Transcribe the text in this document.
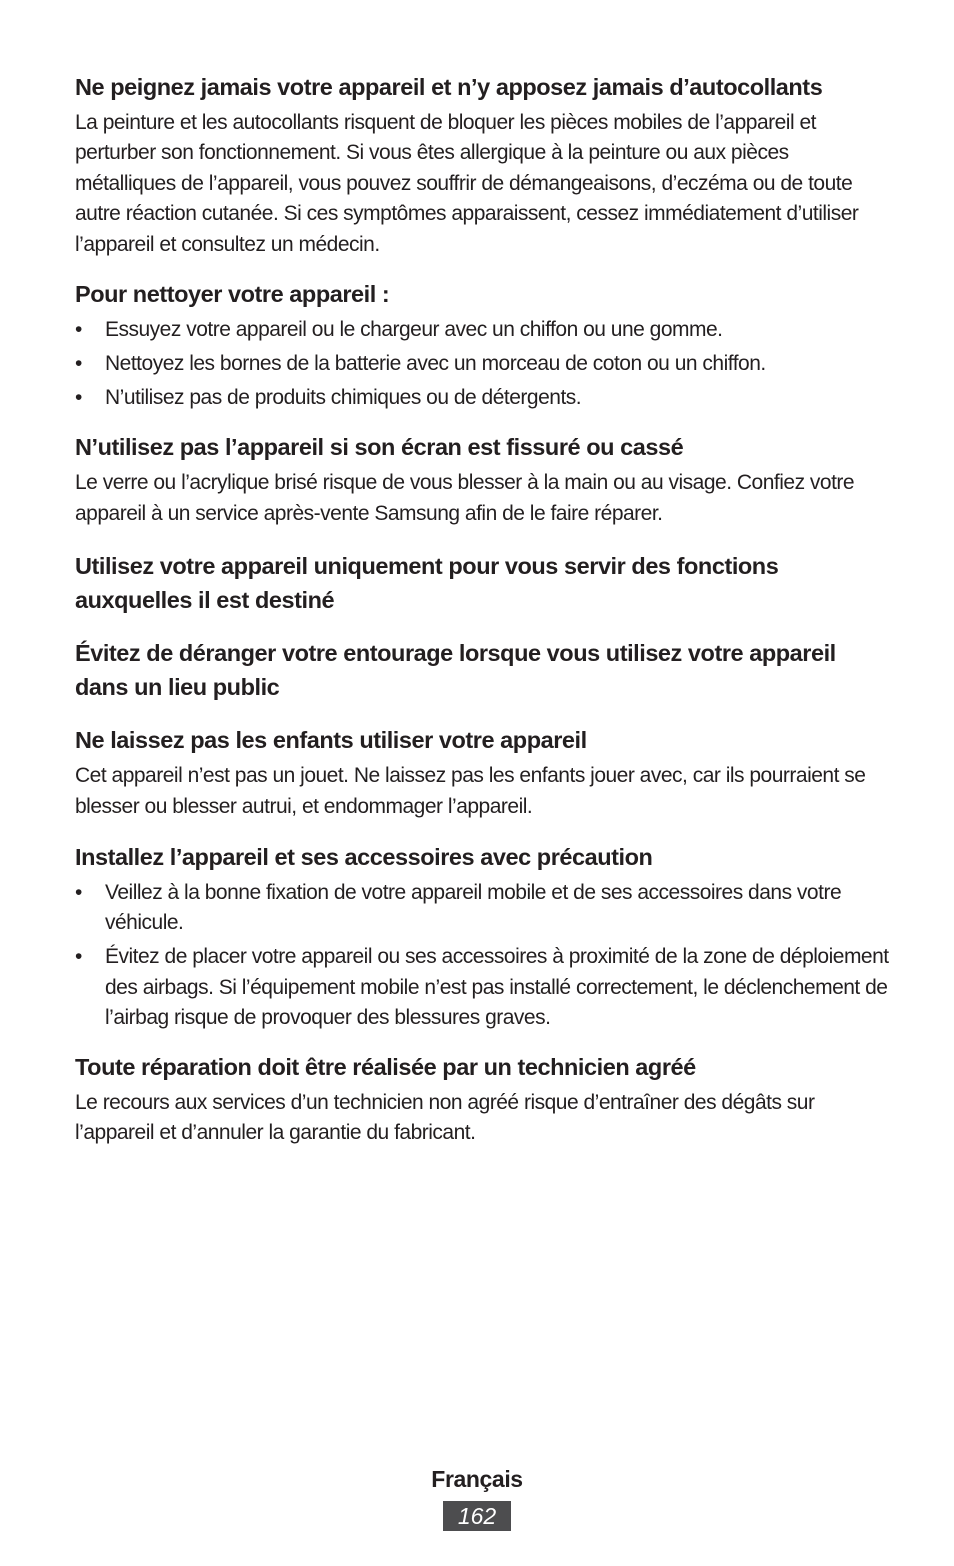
Ne peignez jamais votre appareil et n’y apposez jamais d’autocollants

La peinture et les autocollants risquent de bloquer les pièces mobiles de l’appareil et perturber son fonctionnement. Si vous êtes allergique à la peinture ou aux pièces métalliques de l’appareil, vous pouvez souffrir de démangeaisons, d’eczéma ou de toute autre réaction cutanée. Si ces symptômes apparaissent, cessez immédiatement d’utiliser l’appareil et consultez un médecin.

Pour nettoyer votre appareil :
• Essuyez votre appareil ou le chargeur avec un chiffon ou une gomme.
• Nettoyez les bornes de la batterie avec un morceau de coton ou un chiffon.
• N’utilisez pas de produits chimiques ou de détergents.
N’utilisez pas l’appareil si son écran est fissuré ou cassé

Le verre ou l’acrylique brisé risque de vous blesser à la main ou au visage. Confiez votre appareil à un service après-vente Samsung afin de le faire réparer.

Utilisez votre appareil uniquement pour vous servir des fonctions auxquelles il est destiné
Évitez de déranger votre entourage lorsque vous utilisez votre appareil dans un lieu public
Ne laissez pas les enfants utiliser votre appareil

Cet appareil n’est pas un jouet. Ne laissez pas les enfants jouer avec, car ils pourraient se blesser ou blesser autrui, et endommager l’appareil.

Installez l’appareil et ses accessoires avec précaution
• Veillez à la bonne fixation de votre appareil mobile et de ses accessoires dans votre véhicule.
• Évitez de placer votre appareil ou ses accessoires à proximité de la zone de déploiement des airbags. Si l’équipement mobile n’est pas installé correctement, le déclenchement de l’airbag risque de provoquer des blessures graves.
Toute réparation doit être réalisée par un technicien agréé

Le recours aux services d’un technicien non agréé risque d’entraîner des dégâts sur l’appareil et d’annuler la garantie du fabricant.

Français
162
